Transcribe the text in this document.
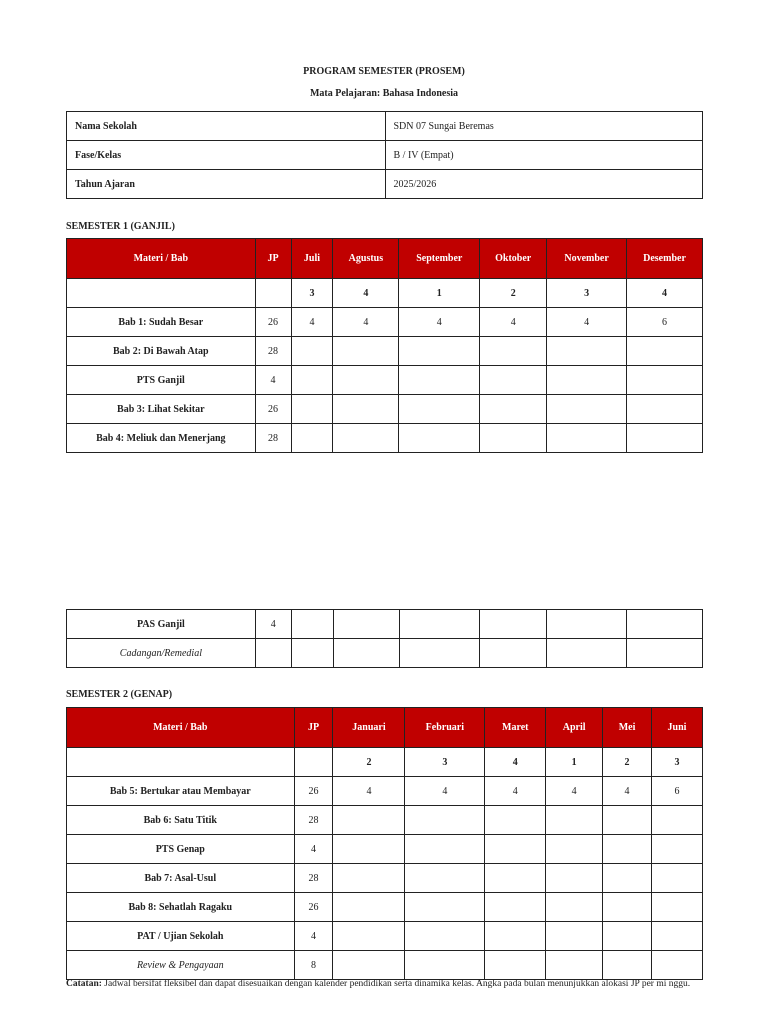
PROGRAM SEMESTER (PROSEM)
Mata Pelajaran: Bahasa Indonesia
Nama Sekolah	SDN 07 Sungai Beremas
Fase/Kelas	B / IV (Empat)
Tahun Ajaran	2025/2026
SEMESTER 1 (GANJIL)
Materi / Bab	JP	Juli	Agustus	September	Oktober	November	Desember
		3	4	1	2	3	4
Bab 1: Sudah Besar	26	4	4	4	4	4	6
Bab 2: Di Bawah Atap	28						
PTS Ganjil	4						
Bab 3: Lihat Sekitar	26						
Bab 4: Meliuk dan Menerjang	28						
PAS Ganjil	4						
Cadangan/Remedial							
SEMESTER 2 (GENAP)
Materi / Bab	JP	Januari	Februari	Maret	April	Mei	Juni
		2	3	4	1	2	3
Bab 5: Bertukar atau Membayar	26	4	4	4	4	4	6
Bab 6: Satu Titik	28						
PTS Genap	4						
Bab 7: Asal-Usul	28						
Bab 8: Sehatlah Ragaku	26						
PAT / Ujian Sekolah	4						
Review & Pengayaan	8						
Catatan: Jadwal bersifat fleksibel dan dapat disesuaikan dengan kalender pendidikan serta dinamika kelas. Angka pada bulan menunjukkan alokasi JP per mi nggu.
